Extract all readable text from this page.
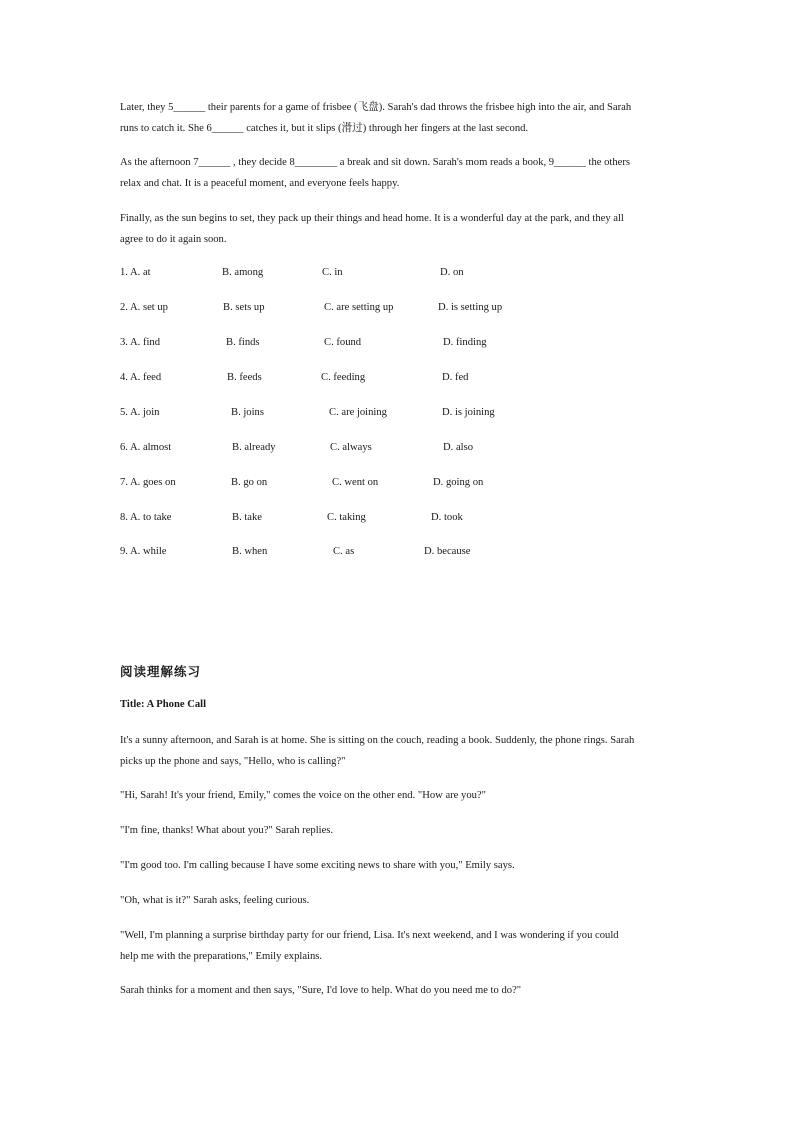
Later, they 5______ their parents for a game of frisbee (飞盘). Sarah's dad throws the frisbee high into the air, and Sarah
runs to catch it. She 6______ catches it, but it slips (滑过) through her fingers at the last second.

As the afternoon 7______ , they decide 8________ a break and sit down. Sarah's mom reads a book, 9______ the others
relax and chat. It is a peaceful moment, and everyone feels happy.

Finally, as the sun begins to set, they pack up their things and head home. It is a wonderful day at the park, and they all
agree to do it again soon.

1. A. at	B. among	C. in	D. on
2. A. set up	B. sets up	C. are setting up	D. is setting up
3. A. find	B. finds	C. found	D. finding
4. A. feed	B. feeds	C. feeding	D. fed
5. A. join	B. joins	C. are joining	D. is joining
6. A. almost	B. already	C. always	D. also
7. A. goes on	B. go on	C. went on	D. going on
8. A. to take	B. take	C. taking	D. took
9. A. while	B. when	C. as	D. because
阅读理解练习
Title: A Phone Call

It's a sunny afternoon, and Sarah is at home. She is sitting on the couch, reading a book. Suddenly, the phone rings. Sarah
picks up the phone and says, "Hello, who is calling?"

"Hi, Sarah! It's your friend, Emily," comes the voice on the other end. "How are you?"

"I'm fine, thanks! What about you?" Sarah replies.

"I'm good too. I'm calling because I have some exciting news to share with you," Emily says.

"Oh, what is it?" Sarah asks, feeling curious.

"Well, I'm planning a surprise birthday party for our friend, Lisa. It's next weekend, and I was wondering if you could
help me with the preparations," Emily explains.

Sarah thinks for a moment and then says, "Sure, I'd love to help. What do you need me to do?"
